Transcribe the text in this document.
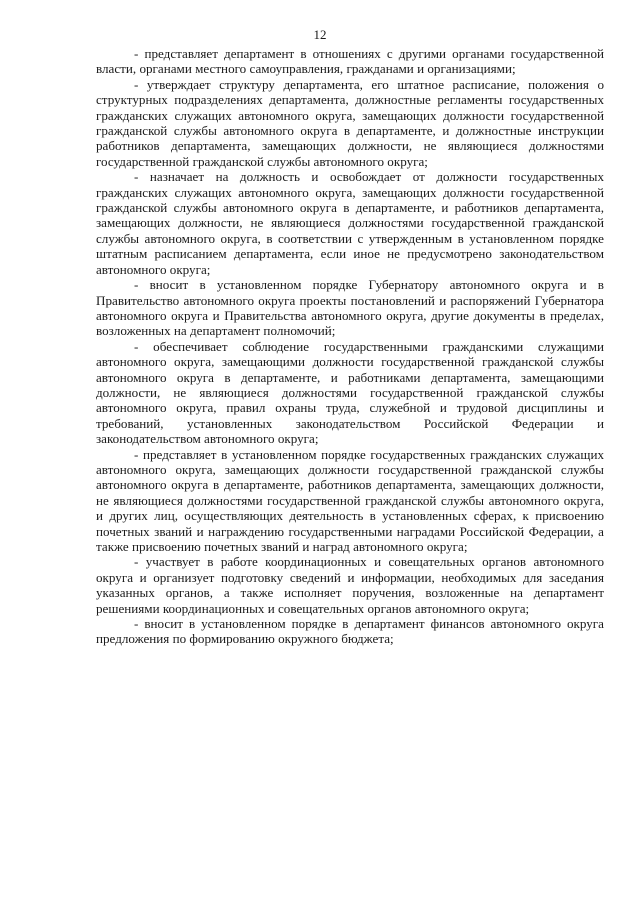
12

- представляет департамент в отношениях с другими органами государственной власти, органами местного самоуправления, гражданами и организациями;

- утверждает структуру департамента, его штатное расписание, положения о структурных подразделениях департамента, должностные регламенты государственных гражданских служащих автономного округа, замещающих должности государственной гражданской службы автономного округа в департаменте, и должностные инструкции работников департамента, замещающих должности, не являющиеся должностями государственной гражданской службы автономного округа;

- назначает на должность и освобождает от должности государственных гражданских служащих автономного округа, замещающих должности государственной гражданской службы автономного округа в департаменте, и работников департамента, замещающих должности, не являющиеся должностями государственной гражданской службы автономного округа, в соответствии с утвержденным в установленном порядке штатным расписанием департамента, если иное не предусмотрено законодательством автономного округа;

- вносит в установленном порядке Губернатору автономного округа и в Правительство автономного округа проекты постановлений и распоряжений Губернатора автономного округа и Правительства автономного округа, другие документы в пределах, возложенных на департамент полномочий;

- обеспечивает соблюдение государственными гражданскими служащими автономного округа, замещающими должности государственной гражданской службы автономного округа в департаменте, и работниками департамента, замещающими должности, не являющиеся должностями государственной гражданской службы автономного округа, правил охраны труда, служебной и трудовой дисциплины и требований, установленных законодательством Российской Федерации и законодательством автономного округа;

- представляет в установленном порядке государственных гражданских служащих автономного округа, замещающих должности государственной гражданской службы автономного округа в департаменте, работников департамента, замещающих должности, не являющиеся должностями государственной гражданской службы автономного округа, и других лиц, осуществляющих деятельность в установленных сферах, к присвоению почетных званий и награждению государственными наградами Российской Федерации, а также присвоению почетных званий и наград автономного округа;

- участвует в работе координационных и совещательных органов автономного округа и организует подготовку сведений и информации, необходимых для заседания указанных органов, а также исполняет поручения, возложенные на департамент решениями координационных и совещательных органов автономного округа;

- вносит в установленном порядке в департамент финансов автономного округа предложения по формированию окружного бюджета;
